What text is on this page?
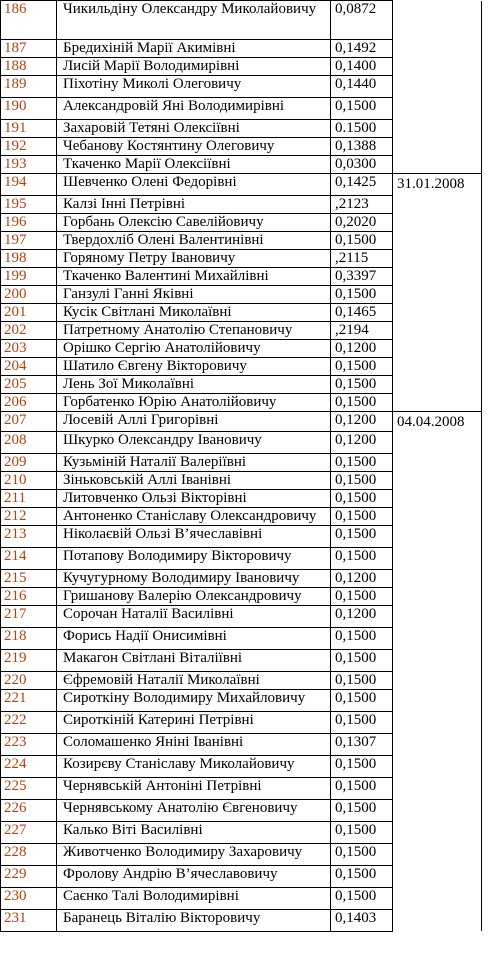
186	Чикильдіну Олександру Миколайовичу	0,0872	
187	Бредихіній Марії Акимівні	0,1492	
188	Лисій Марії Володимирівні	0,1400	
189	Піхотіну Миколі Олеговичу	0,1440	
190	Александровій Яні Володимирівні	0,1500	
191	Захаровій Тетяні Олексіївні	0.1500	
192	Чебанову Костянтину Олеговичу	0,1388	
193	Ткаченко Марії Олексіївні	0,0300	
194	Шевченко Олені Федорівні	0,1425	31.01.2008
195	Калзі Інні Петрівні	,2123	
196	Горбань Олексію Савелійовичу	0,2020	
197	Твердохліб Олені Валентинівні	0,1500	
198	Горяному Петру Івановичу	,2115	
199	Ткаченко Валентині Михайлівні	0,3397	
200	Ганзулі Ганні Яківні	0,1500	
201	Кусік Світлані Миколаївні	0,1465	
202	Патретному Анатолію Степановичу	,2194	
203	Орішко Сергію Анатолійовичу	0,1200	
204	Шатило Євгену Вікторовичу	0,1500	
205	Лень Зої Миколаївні	0,1500	
206	Горбатенко Юрію Анатолійовичу	0,1500	
207	Лосевій Аллі Григорівні	0,1200	04.04.2008
208	Шкурко Олександру Івановичу	0,1200	
209	Кузьміній Наталії Валеріївні	0,1500	
210	Зіньковській Аллі Іванівні	0,1500	
211	Литовченко Ользі Вікторівні	0,1500	
212	Антоненко Станіславу Олександровичу	0,1500	
213	Ніколаєвій Ользі В’ячеславівні	0,1500	
214	Потапову Володимиру Вікторовичу	0,1500	
215	Кучугурному Володимиру Івановичу	0,1200	
216	Гришанову Валерію Олександровичу	0,1500	
217	Сорочан Наталії Василівні	0,1200	
218	Форись Надії Онисимівні	0,1500	
219	Макагон Світлані Віталіївні	0,1500	
220	Єфремовій Наталії Миколаївні	0,1500	
221	Сироткіну Володимиру Михайловичу	0,1500	
222	Сироткіній Катерині Петрівні	0,1500	
223	Соломашенко Яніні Іванівні	0,1307	
224	Козирєву Станіславу Миколайовичу	0,1500	
225	Чернявській Антоніні Петрівні	0,1500	
226	Чернявському Анатолію Євгеновичу	0,1500	
227	Калько Віті Василівні	0,1500	
228	Животченко Володимиру Захаровичу	0,1500	
229	Фролову Андрію В’ячеславовичу	0,1500	
230	Саєнко Талі Володимирівні	0,1500	
231	Баранець Віталію Вікторовичу	0,1403	
